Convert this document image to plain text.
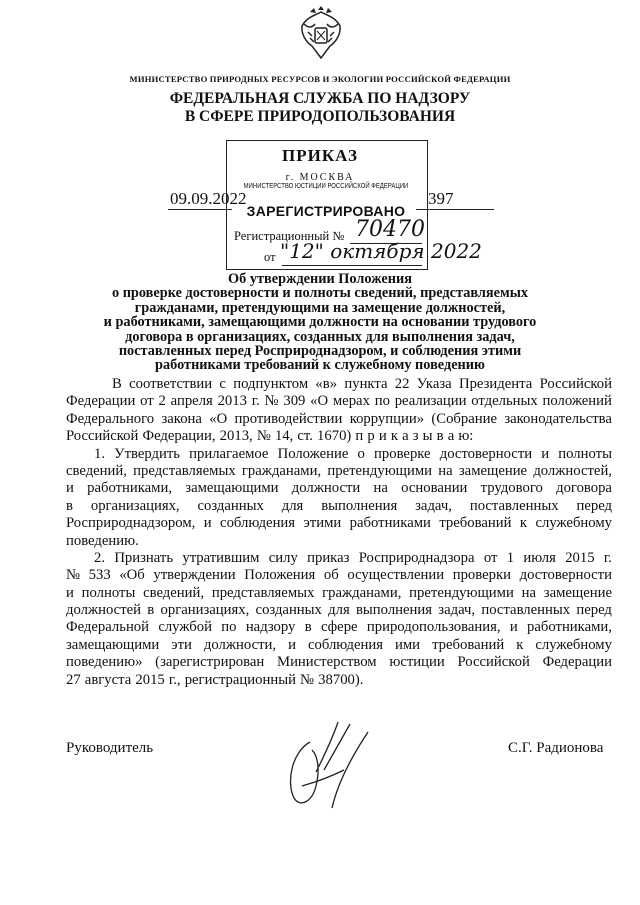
МИНИСТЕРСТВО ПРИРОДНЫХ РЕСУРСОВ И ЭКОЛОГИИ РОССИЙСКОЙ ФЕДЕРАЦИИ
ФЕДЕРАЛЬНАЯ СЛУЖБА ПО НАДЗОРУ
В СФЕРЕ ПРИРОДОПОЛЬЗОВАНИЯ
ПРИКАЗ
г. МОСКВА
МИНИСТЕРСТВО ЮСТИЦИИ РОССИЙСКОЙ ФЕДЕРАЦИИ
09.09.2022	397
ЗАРЕГИСТРИРОВАНО
Регистрационный № 70470
от "12" октября 2022
Об утверждении Положения
о проверке достоверности и полноты сведений, представляемых
гражданами, претендующими на замещение должностей,
и работниками, замещающими должности на основании трудового
договора в организациях, созданных для выполнения задач,
поставленных перед Росприроднадзором, и соблюдения этими
работниками требований к служебному поведению
В соответствии с подпунктом «в» пункта 22 Указа Президента Российской
Федерации от 2 апреля 2013 г. № 309 «О мерах по реализации отдельных положений
Федерального закона «О противодействии коррупции» (Собрание законодательства
Российской Федерации, 2013, № 14, ст. 1670) п р и к а з ы в а ю:
1. Утвердить прилагаемое Положение о проверке достоверности и полноты
сведений, представляемых гражданами, претендующими на замещение должностей,
и работниками, замещающими должности на основании трудового договора
в организациях, созданных для выполнения задач, поставленных перед
Росприроднадзором, и соблюдения этими работниками требований к служебному
поведению.
2. Признать утратившим силу приказ Росприроднадзора от 1 июля 2015 г.
№ 533 «Об утверждении Положения об осуществлении проверки достоверности
и полноты сведений, представляемых гражданами, претендующими на замещение
должностей в организациях, созданных для выполнения задач, поставленных перед
Федеральной службой по надзору в сфере природопользования, и работниками,
замещающими эти должности, и соблюдения ими требований к служебному
поведению» (зарегистрирован Министерством юстиции Российской Федерации
27 августа 2015 г., регистрационный № 38700).
Руководитель	С.Г. Радионова
